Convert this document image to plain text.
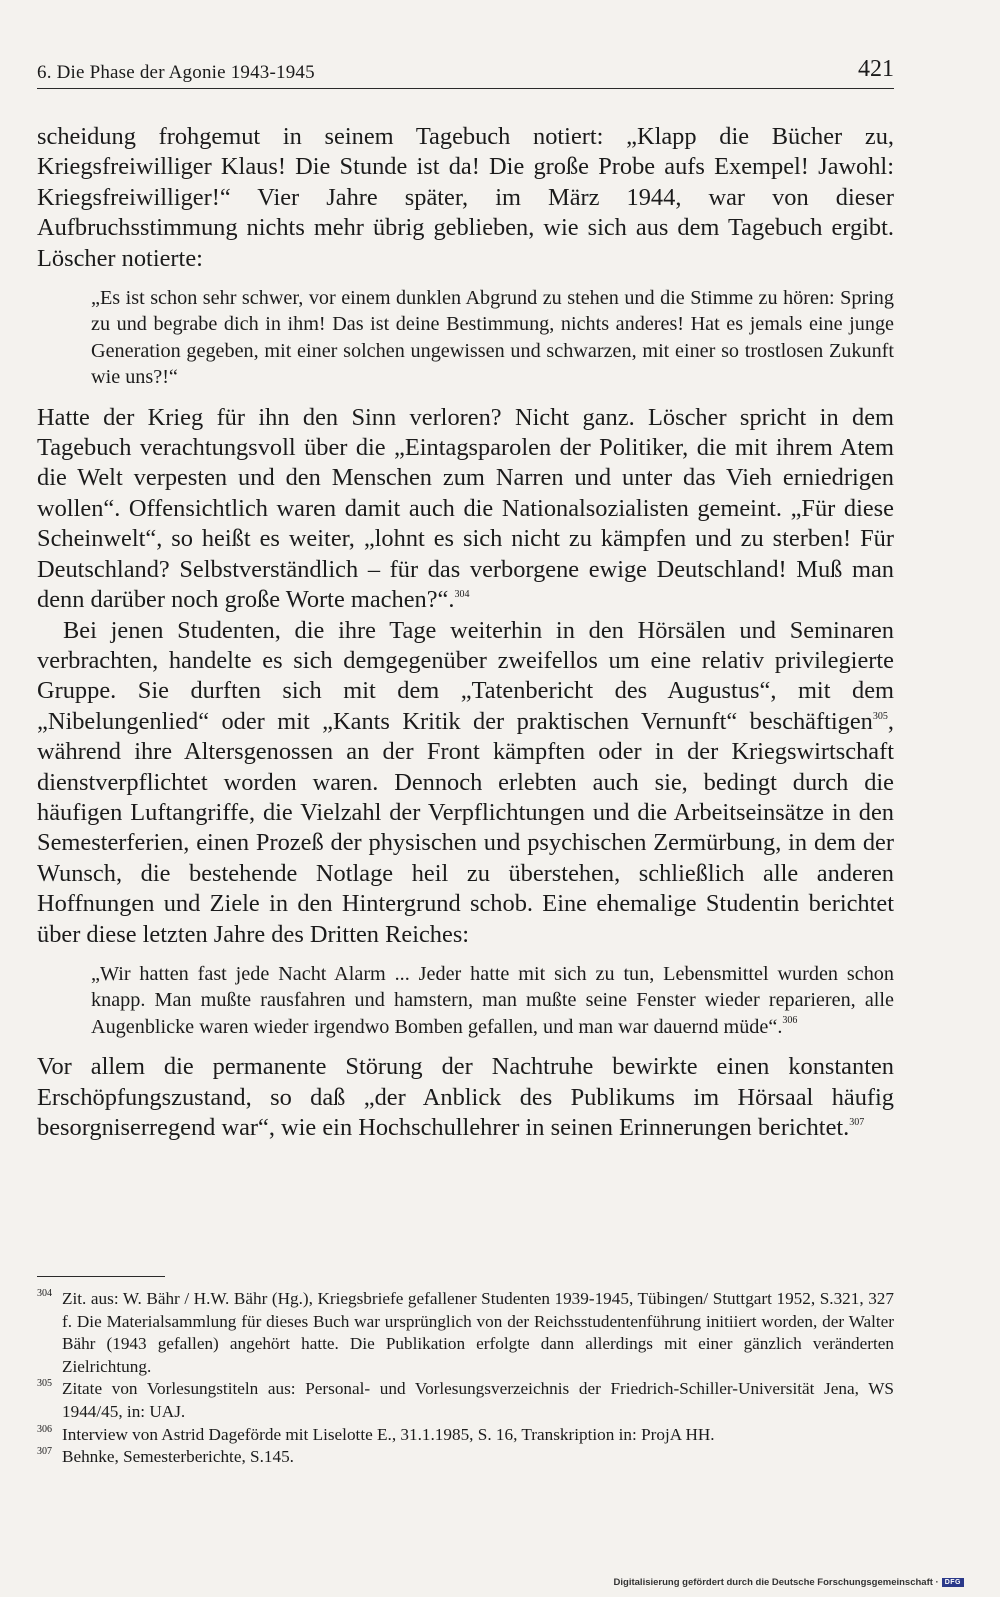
6. Die Phase der Agonie 1943-1945	421

scheidung frohgemut in seinem Tagebuch notiert: „Klapp die Bücher zu, Kriegsfreiwilliger Klaus! Die Stunde ist da! Die große Probe aufs Exempel! Jawohl: Kriegsfreiwilliger!“ Vier Jahre später, im März 1944, war von dieser Aufbruchsstimmung nichts mehr übrig geblieben, wie sich aus dem Tagebuch ergibt. Löscher notierte:

„Es ist schon sehr schwer, vor einem dunklen Abgrund zu stehen und die Stimme zu hören: Spring zu und begrabe dich in ihm! Das ist deine Bestimmung, nichts anderes! Hat es jemals eine junge Generation gegeben, mit einer solchen ungewissen und schwarzen, mit einer so trostlosen Zukunft wie uns?!“

Hatte der Krieg für ihn den Sinn verloren? Nicht ganz. Löscher spricht in dem Tagebuch verachtungsvoll über die „Eintagsparolen der Politiker, die mit ihrem Atem die Welt verpesten und den Menschen zum Narren und unter das Vieh erniedrigen wollen“. Offensichtlich waren damit auch die Nationalsozialisten gemeint. „Für diese Scheinwelt“, so heißt es weiter, „lohnt es sich nicht zu kämpfen und zu sterben! Für Deutschland? Selbstverständlich – für das verborgene ewige Deutschland! Muß man denn darüber noch große Worte machen?“.$^{304}$

Bei jenen Studenten, die ihre Tage weiterhin in den Hörsälen und Seminaren verbrachten, handelte es sich demgegenüber zweifellos um eine relativ privilegierte Gruppe. Sie durften sich mit dem „Tatenbericht des Augustus“, mit dem „Nibelungenlied“ oder mit „Kants Kritik der praktischen Vernunft“ beschäftigen$^{305}$, während ihre Altersgenossen an der Front kämpften oder in der Kriegswirtschaft dienstverpflichtet worden waren. Dennoch erlebten auch sie, bedingt durch die häufigen Luftangriffe, die Vielzahl der Verpflichtungen und die Arbeitseinsätze in den Semesterferien, einen Prozeß der physischen und psychischen Zermürbung, in dem der Wunsch, die bestehende Notlage heil zu überstehen, schließlich alle anderen Hoffnungen und Ziele in den Hintergrund schob. Eine ehemalige Studentin berichtet über diese letzten Jahre des Dritten Reiches:

„Wir hatten fast jede Nacht Alarm ... Jeder hatte mit sich zu tun, Lebensmittel wurden schon knapp. Man mußte rausfahren und hamstern, man mußte seine Fenster wieder reparieren, alle Augenblicke waren wieder irgendwo Bomben gefallen, und man war dauernd müde“.$^{306}$

Vor allem die permanente Störung der Nachtruhe bewirkte einen konstanten Erschöpfungszustand, so daß „der Anblick des Publikums im Hörsaal häufig besorgniserregend war“, wie ein Hochschullehrer in seinen Erinnerungen berichtet.$^{307}$

304 Zit. aus: W. Bähr / H.W. Bähr (Hg.), Kriegsbriefe gefallener Studenten 1939-1945, Tübingen/ Stuttgart 1952, S.321, 327 f. Die Materialsammlung für dieses Buch war ursprünglich von der Reichsstudentenführung initiiert worden, der Walter Bähr (1943 gefallen) angehört hatte. Die Publikation erfolgte dann allerdings mit einer gänzlich veränderten Zielrichtung.
305 Zitate von Vorlesungstiteln aus: Personal- und Vorlesungsverzeichnis der Friedrich-Schiller-Universität Jena, WS 1944/45, in: UAJ.
306 Interview von Astrid Dageförde mit Liselotte E., 31.1.1985, S. 16, Transkription in: ProjA HH.
307 Behnke, Semesterberichte, S.145.
Digitalisierung gefördert durch die Deutsche Forschungsgemeinschaft · DFG
